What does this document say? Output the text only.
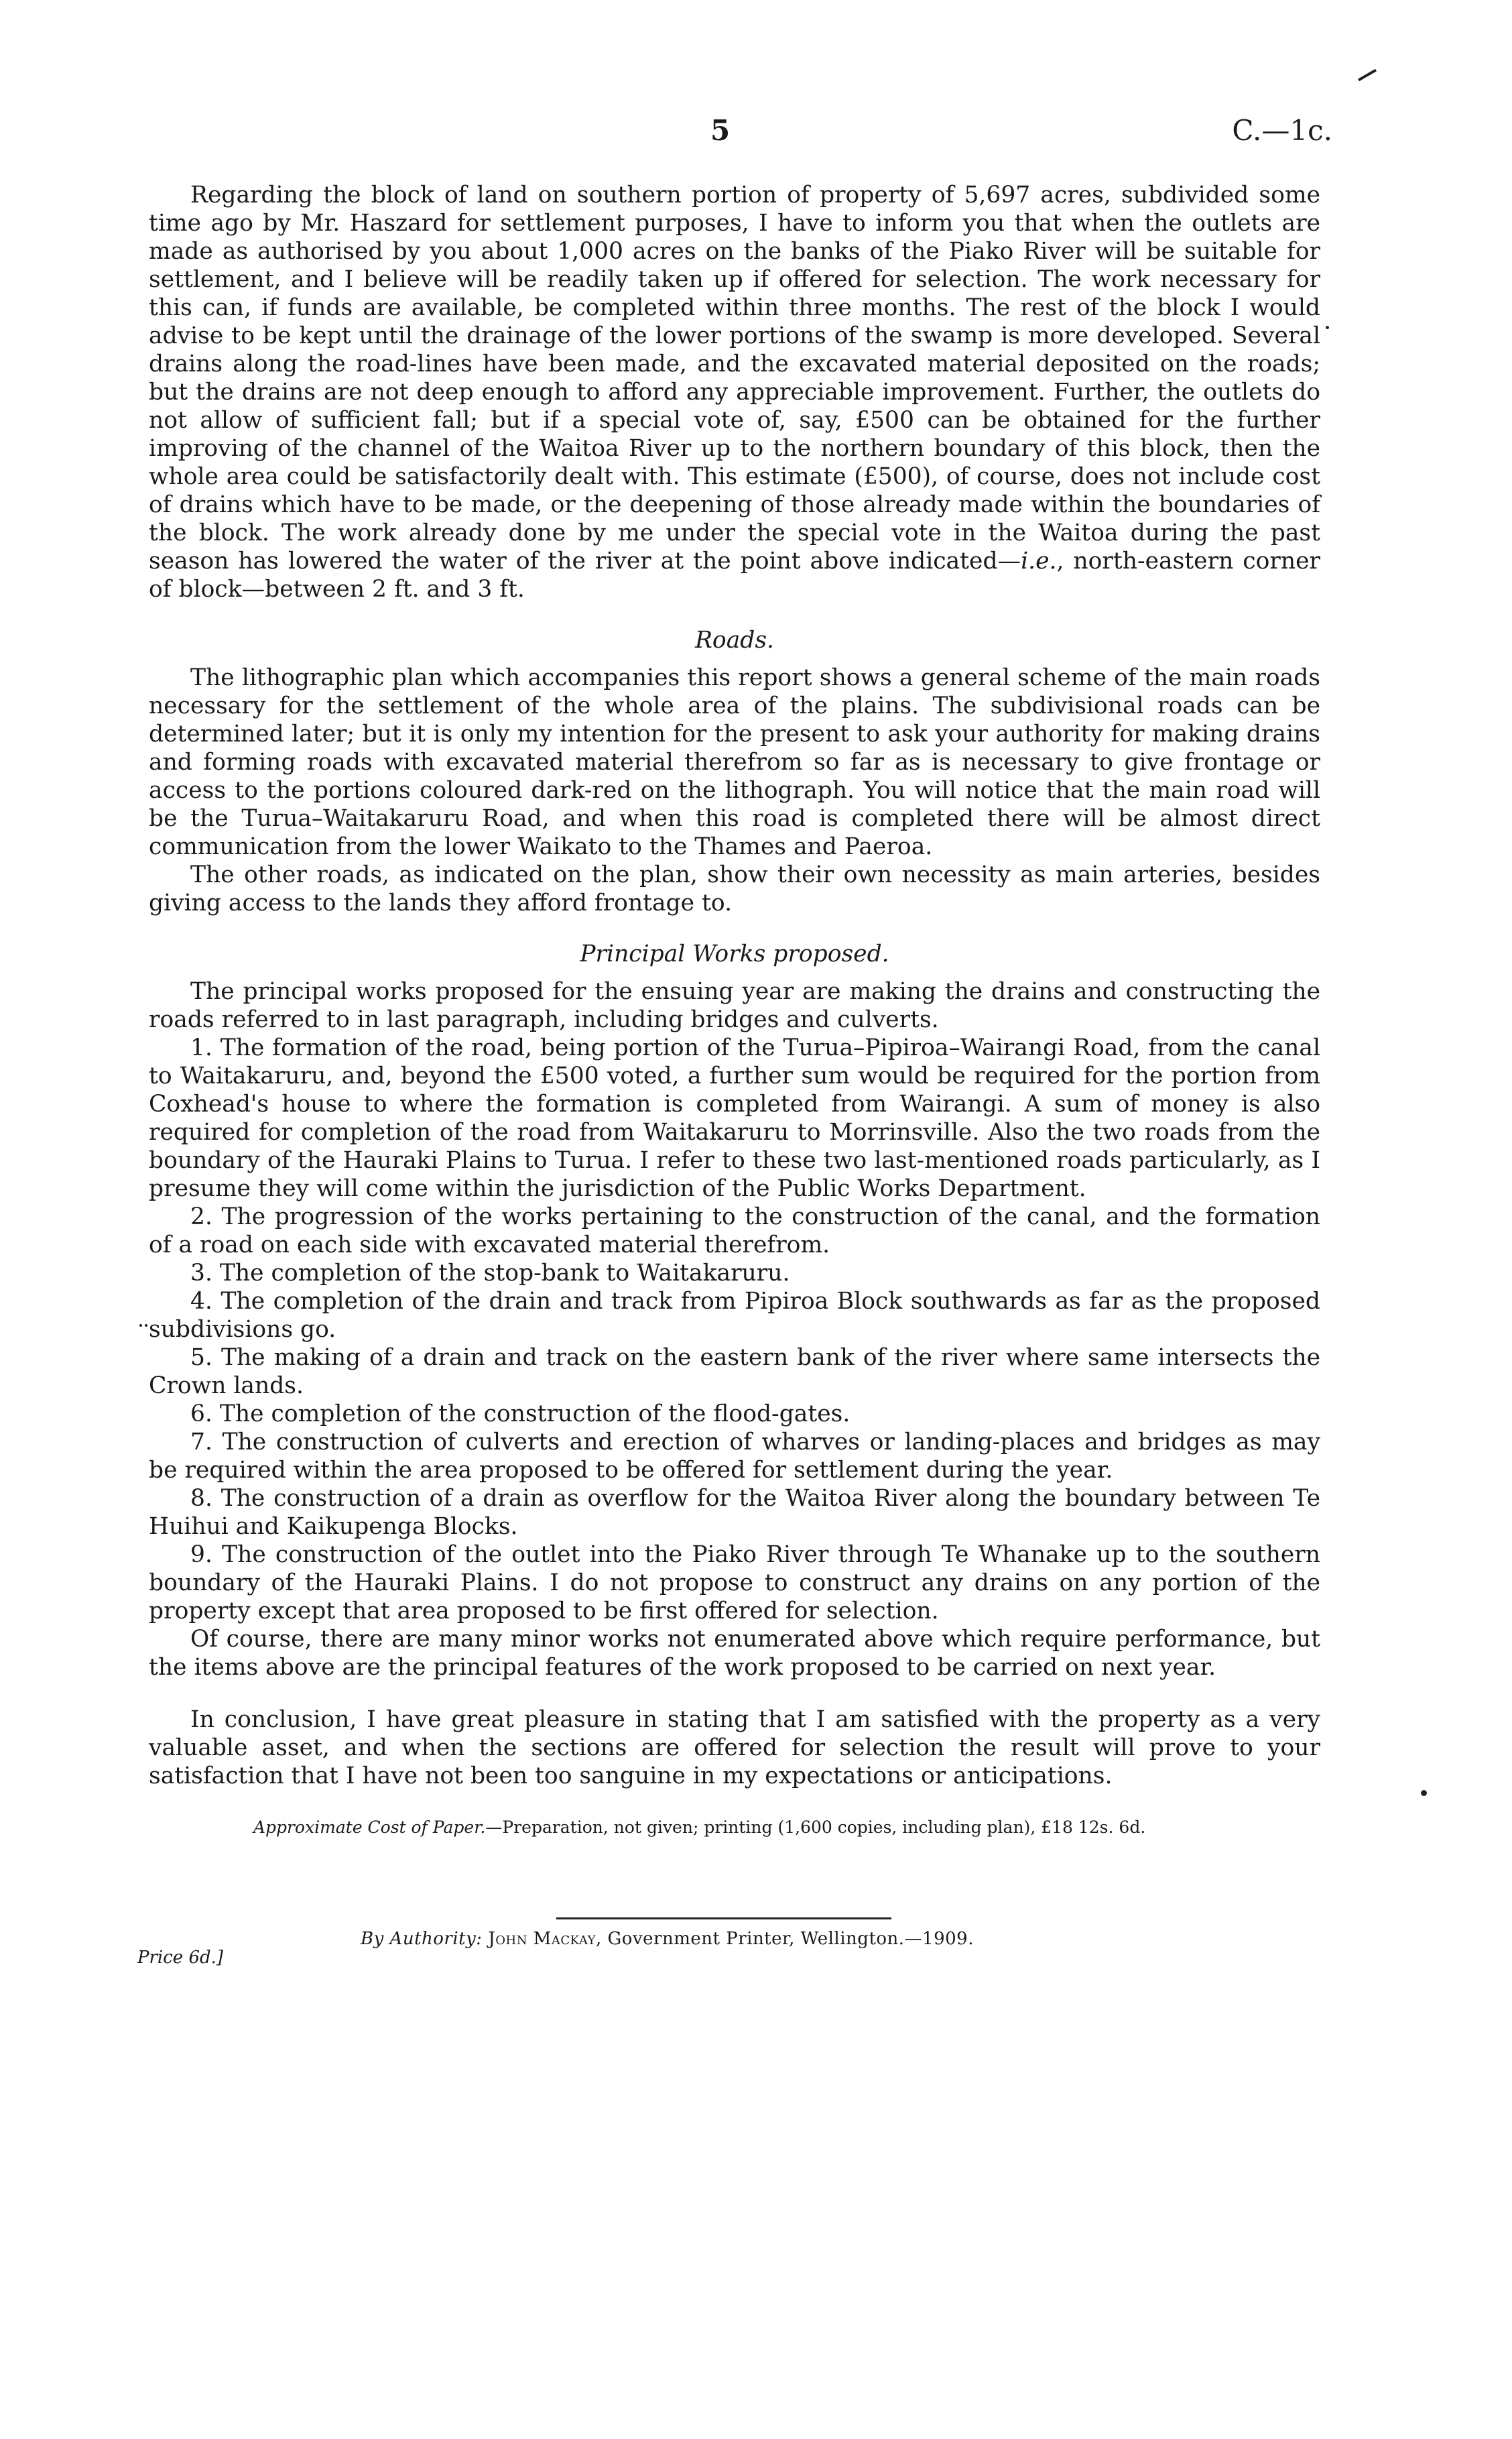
5	C.—1c.

Regarding the block of land on southern portion of property of 5,697 acres, subdivided some time ago by Mr. Haszard for settlement purposes, I have to inform you that when the outlets are made as authorised by you about 1,000 acres on the banks of the Piako River will be suitable for settlement, and I believe will be readily taken up if offered for selection. The work necessary for this can, if funds are available, be completed within three months. The rest of the block I would advise to be kept until the drainage of the lower portions of the swamp is more developed. Several drains along the road-lines have been made, and the excavated material deposited on the roads; but the drains are not deep enough to afford any appreciable improvement. Further, the outlets do not allow of sufficient fall; but if a special vote of, say, £500 can be obtained for the further improving of the channel of the Waitoa River up to the northern boundary of this block, then the whole area could be satisfactorily dealt with. This estimate (£500), of course, does not include cost of drains which have to be made, or the deepening of those already made within the boundaries of the block. The work already done by me under the special vote in the Waitoa during the past season has lowered the water of the river at the point above indicated—i.e., north-eastern corner of block—between 2 ft. and 3 ft.

Roads.

The lithographic plan which accompanies this report shows a general scheme of the main roads necessary for the settlement of the whole area of the plains. The subdivisional roads can be determined later; but it is only my intention for the present to ask your authority for making drains and forming roads with excavated material therefrom so far as is necessary to give frontage or access to the portions coloured dark-red on the lithograph. You will notice that the main road will be the Turua–Waitakaruru Road, and when this road is completed there will be almost direct communication from the lower Waikato to the Thames and Paeroa.

The other roads, as indicated on the plan, show their own necessity as main arteries, besides giving access to the lands they afford frontage to.

Principal Works proposed.

The principal works proposed for the ensuing year are making the drains and constructing the roads referred to in last paragraph, including bridges and culverts.

1. The formation of the road, being portion of the Turua–Pipiroa–Wairangi Road, from the canal to Waitakaruru, and, beyond the £500 voted, a further sum would be required for the portion from Coxhead's house to where the formation is completed from Wairangi. A sum of money is also required for completion of the road from Waitakaruru to Morrinsville. Also the two roads from the boundary of the Hauraki Plains to Turua. I refer to these two last-mentioned roads particularly, as I presume they will come within the jurisdiction of the Public Works Department.

2. The progression of the works pertaining to the construction of the canal, and the formation of a road on each side with excavated material therefrom.

3. The completion of the stop-bank to Waitakaruru.

4. The completion of the drain and track from Pipiroa Block southwards as far as the proposed subdivisions go.

5. The making of a drain and track on the eastern bank of the river where same intersects the Crown lands.

6. The completion of the construction of the flood-gates.

7. The construction of culverts and erection of wharves or landing-places and bridges as may be required within the area proposed to be offered for settlement during the year.

8. The construction of a drain as overflow for the Waitoa River along the boundary between Te Huihui and Kaikupenga Blocks.

9. The construction of the outlet into the Piako River through Te Whanake up to the southern boundary of the Hauraki Plains. I do not propose to construct any drains on any portion of the property except that area proposed to be first offered for selection.

Of course, there are many minor works not enumerated above which require performance, but the items above are the principal features of the work proposed to be carried on next year.

In conclusion, I have great pleasure in stating that I am satisfied with the property as a very valuable asset, and when the sections are offered for selection the result will prove to your satisfaction that I have not been too sanguine in my expectations or anticipations.

Approximate Cost of Paper.—Preparation, not given; printing (1,600 copies, including plan), £18 12s. 6d.
By Authority: John Mackay, Government Printer, Wellington.—1909.
Price 6d.]
